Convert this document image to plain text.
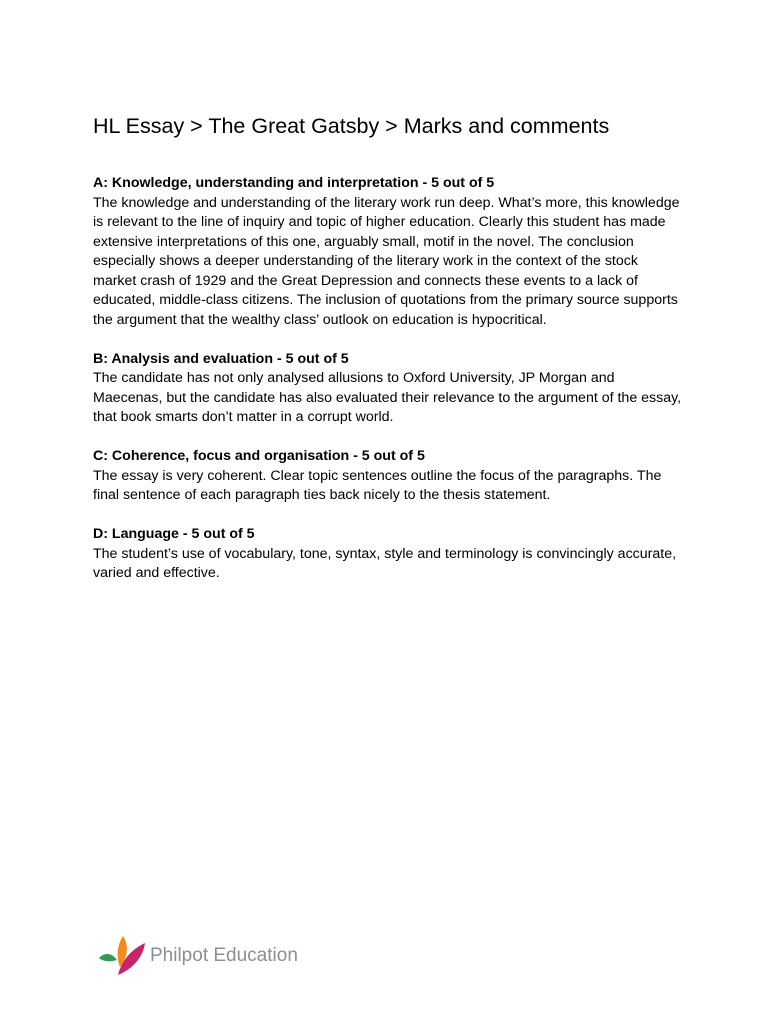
HL Essay > The Great Gatsby > Marks and comments

A: Knowledge, understanding and interpretation - 5 out of 5

The knowledge and understanding of the literary work run deep. What’s more, this knowledge is relevant to the line of inquiry and topic of higher education. Clearly this student has made extensive interpretations of this one, arguably small, motif in the novel. The conclusion especially shows a deeper understanding of the literary work in the context of the stock market crash of 1929 and the Great Depression and connects these events to a lack of educated, middle-class citizens. The inclusion of quotations from the primary source supports the argument that the wealthy class’ outlook on education is hypocritical.

B: Analysis and evaluation - 5 out of 5

The candidate has not only analysed allusions to Oxford University, JP Morgan and Maecenas, but the candidate has also evaluated their relevance to the argument of the essay, that book smarts don’t matter in a corrupt world.

C: Coherence, focus and organisation - 5 out of 5

The essay is very coherent. Clear topic sentences outline the focus of the paragraphs. The final sentence of each paragraph ties back nicely to the thesis statement.

D: Language - 5 out of 5

The student’s use of vocabulary, tone, syntax, style and terminology is convincingly accurate, varied and effective.

Philpot Education
